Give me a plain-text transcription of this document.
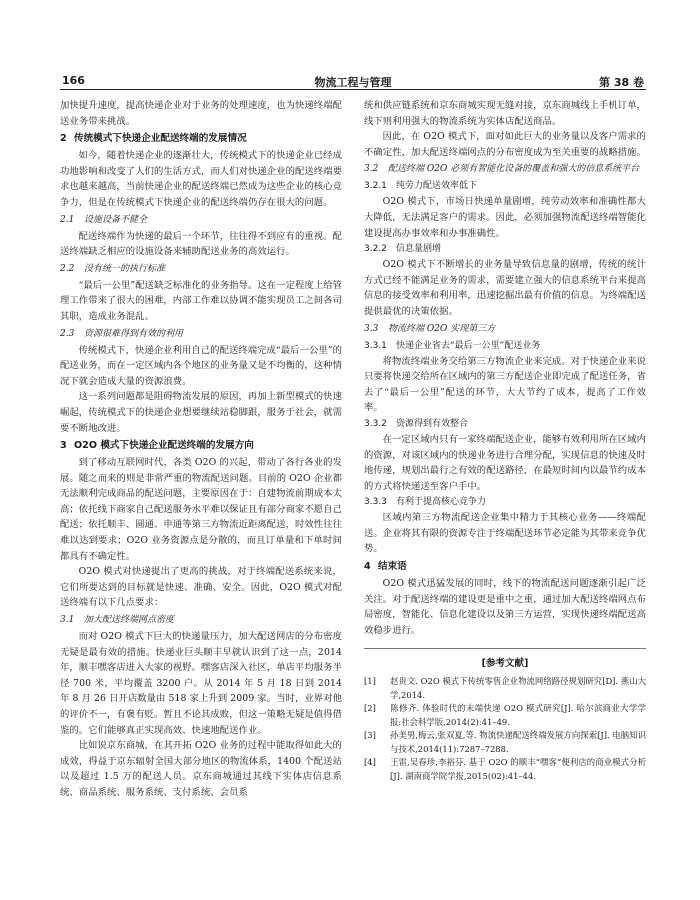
166	物流工程与管理	第 38 卷

加快提升速度，提高快递企业对于业务的处理速度，也为快递终端配送业务带来挑战。

2 传统模式下快递企业配送终端的发展情况

如今，随着快递企业的逐渐壮大，传统模式下的快递企业已经成功地影响和改变了人们的生活方式，而人们对快递企业的配送终端要求也越来越高，当前快递企业的配送终端已然成为这些企业的核心竞争力，但是在传统模式下快递企业的配送终端仍存在很大的问题。

2.1 设施设备不健全

配送终端作为快递的最后一个环节，往往得不到应有的重视。配送终端缺乏相应的设施设备来辅助配送业务的高效运行。

2.2 没有统一的执行标准

“最后一公里”配送缺乏标准化的业务指导。这在一定程度上给管理工作带来了很大的困难，内部工作难以协调不能实现员工之间各司其职，造成业务混乱。

2.3 资源很难得到有效的利用

传统模式下，快递企业利用自己的配送终端完成“最后一公里”的配送业务，而在一定区域内各个地区的业务量又是不均衡的，这种情况下就会造成大量的资源浪费。

这一系列问题都是阻碍物流发展的原因，再加上新型模式的快速崛起，传统模式下的快递企业想要继续站稳脚跟，服务于社会，就需要不断地改进。

3 O2O 模式下快递企业配送终端的发展方向

到了移动互联网时代，各类 O2O 的兴起，带动了各行各业的发展。随之而来的则是非常严重的物流配送问题。目前的 O2O 企业都无法顺利完成商品的配送问题，主要原因在于：自建物流前期成本太高；依托线下商家自己配送服务水平难以保证且有部分商家不愿自己配送；依托顺丰、圆通、申通等第三方物流近距离配送，时效性往往难以达到要求；O2O 业务资源点是分散的，而且订单量和下单时间都具有不确定性。

O2O 模式对快递提出了更高的挑战，对于终端配送系统来说，它们所要达到的目标就是快速、准确、安全。因此，O2O 模式对配送终端有以下几点要求：

3.1 加大配送终端网点密度

而对 O2O 模式下巨大的快递量压力，加大配送网店的分布密度无疑是最有效的措施。快递业巨头顺丰早就认识到了这一点，2014 年，顺丰嘿客店进入大家的视野。嘿客店深入社区，单店平均服务半径 700 米，平均覆盖 3200 户。从 2014 年 5 月 18 日到 2014 年 8 月 26 日开店数量由 518 家上升到 2009 家。当时，业界对他的评价不一，有褒有贬。暂且不论其成败，但这一策略无疑是值得借鉴的。它们能够真正实现高效、快速地配送作业。

比如说京东商城，在其开拓 O2O 业务的过程中能取得如此大的成效，得益于京东辐射全国大部分地区的物流体系，1400 个配送站以及超过 1.5 万的配送人员。京东商城通过其线下实体店信息系统、商品系统、服务系统、支付系统、会员系

统和供应链系统和京东商城实现无缝对接，京东商城线上手机订单，线下则利用强大的物流系统为实体店配送商品。

因此，在 O2O 模式下，面对如此巨大的业务量以及客户需求的不确定性，加大配送终端网点的分布密度成为至关重要的战略措施。

3.2 配送终端 O2O 必须有智能化设备的覆盖和强大的信息系统平台
3.2.1 纯劳力配送效率低下

O2O 模式下，市场日快递单量剧增，纯劳动效率和准确性都大大降低，无法满足客户的需求。因此，必须加强物流配送终端智能化建设提高办事效率和办事准确性。

3.2.2 信息量剧增

O2O 模式下不断增长的业务量导致信息量的剧增，传统的统计方式已经不能满足业务的需求，需要建立强大的信息系统平台来提高信息的接受效率和利用率，迅速挖掘出最有价值的信息。为终端配送提供最优的决策依据。

3.3 物流终端 O2O 实现第三方
3.3.1 快递企业省去“最后一公里”配送业务

将物流终端业务交给第三方物流企业来完成。对于快递企业来说只要将快递交给所在区域内的第三方配送企业即完成了配送任务，省去了“最后一公里”配送的环节，大大节约了成本，提高了工作效率。

3.3.2 资源得到有效整合

在一定区域内只有一家终端配送企业，能够有效利用所在区域内的资源，对该区域内的快递业务进行合理分配，实现信息的快速及时地传递，规划出最行之有效的配送路径，在最短时间内以最节约成本的方式将快递送至客户手中。

3.3.3 有利于提高核心竞争力

区域内第三方物流配送企业集中精力于其核心业务——终端配送。企业将其有限的资源专注于终端配送环节必定能为其带来竞争优势。

4 结束语

O2O 模式迅猛发展的同时，线下的物流配送问题逐渐引起广泛关注。对于配送终端的建设更是重中之重，通过加大配送终端网点布局密度，智能化、信息化建设以及第三方运营，实现快递终端配送高效稳步进行。

[参考文献]
[1] 赵贵文. O2O 模式下传统零售企业物流网络路径规划研究[D]. 燕山大学,2014.
[2] 陈修齐. 体验时代的末端快递 O2O 模式研究[J]. 哈尔滨商业大学学报:社会科学版,2014(2):41–49.
[3] 孙美男,梅云,张双夏,等. 物流快递配送终端发展方向探索[J]. 电脑知识与技术,2014(11):7287–7288.
[4] 王雷,吴春珍,李裕芬. 基于 O2O 的顺丰“嘿客”便利店的商业模式分析[J]. 湖南商学院学报,2015(02):41–44.
